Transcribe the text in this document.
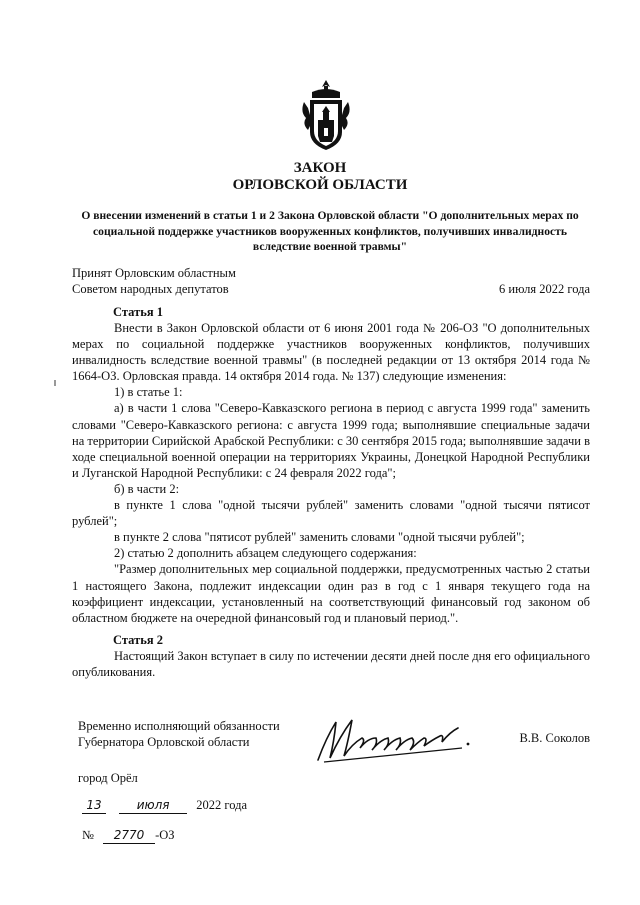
ЗАКОН
ОРЛОВСКОЙ ОБЛАСТИ
О внесении изменений в статьи 1 и 2 Закона Орловской области "О дополнительных мерах по социальной поддержке участников вооруженных конфликтов, получивших инвалидность вследствие военной травмы"
Принят Орловским областным
Советом народных депутатов	6 июля 2022 года
Статья 1

Внести в Закон Орловской области от 6 июня 2001 года № 206-ОЗ "О дополнительных мерах по социальной поддержке участников вооруженных конфликтов, получивших инвалидность вследствие военной травмы" (в последней редакции от 13 октября 2014 года № 1664-ОЗ. Орловская правда. 14 октября 2014 года. № 137) следующие изменения:

1) в статье 1:

а) в части 1 слова "Северо-Кавказского региона в период с августа 1999 года" заменить словами "Северо-Кавказского региона: с августа 1999 года; выполнявшие специальные задачи на территории Сирийской Арабской Республики: с 30 сентября 2015 года; выполнявшие задачи в ходе специальной военной операции на территориях Украины, Донецкой Народной Республики и Луганской Народной Республики: с 24 февраля 2022 года";

б) в части 2:

в пункте 1 слова "одной тысячи рублей" заменить словами "одной тысячи пятисот рублей";

в пункте 2 слова "пятисот рублей" заменить словами "одной тысячи рублей";

2) статью 2 дополнить абзацем следующего содержания:

"Размер дополнительных мер социальной поддержки, предусмотренных частью 2 статьи 1 настоящего Закона, подлежит индексации один раз в год с 1 января текущего года на коэффициент индексации, установленный на соответствующий финансовый год законом об областном бюджете на очередной финансовый год и плановый период.".

Статья 2

Настоящий Закон вступает в силу по истечении десяти дней после дня его официального опубликования.

Временно исполняющий обязанности
Губернатора Орловской области	В.В. Соколов
город Орёл
13	июля 2022 года
№ 2770 -ОЗ
